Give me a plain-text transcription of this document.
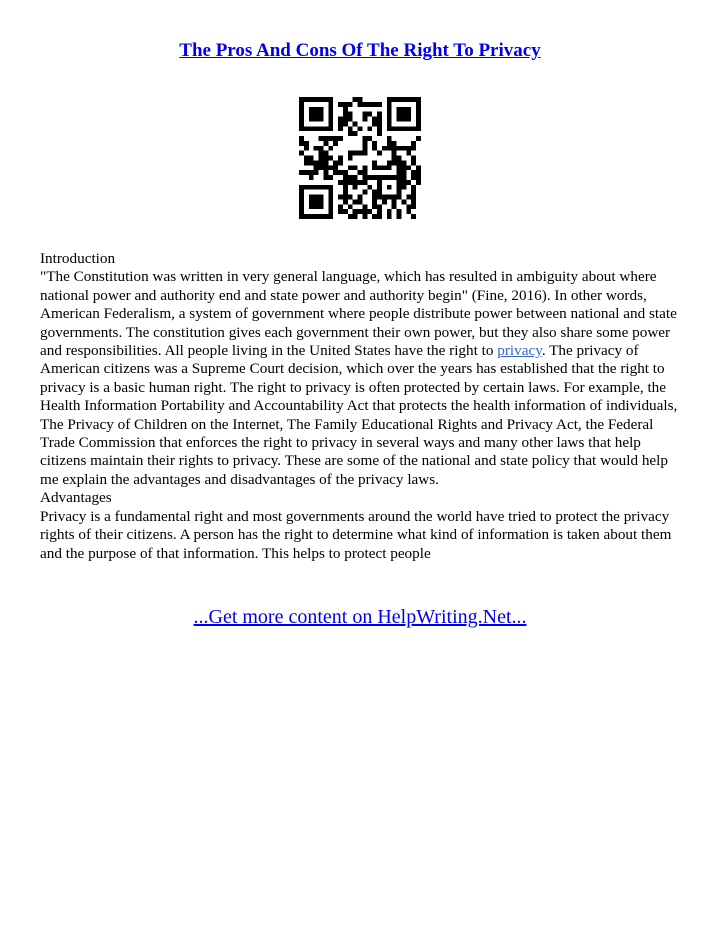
The Pros And Cons Of The Right To Privacy

Introduction

"The Constitution was written in very general language, which has resulted in ambiguity about where national power and authority end and state power and authority begin" (Fine, 2016). In other words, American Federalism, a system of government where people distribute power between national and state governments. The constitution gives each government their own power, but they also share some power and responsibilities. All people living in the United States have the right to privacy. The privacy of American citizens was a Supreme Court decision, which over the years has established that the right to privacy is a basic human right. The right to privacy is often protected by certain laws. For example, the Health Information Portability and Accountability Act that protects the health information of individuals, The Privacy of Children on the Internet, The Family Educational Rights and Privacy Act, the Federal Trade Commission that enforces the right to privacy in several ways and many other laws that help citizens maintain their rights to privacy. These are some of the national and state policy that would help me explain the advantages and disadvantages of the privacy laws.

Advantages

Privacy is a fundamental right and most governments around the world have tried to protect the privacy rights of their citizens. A person has the right to determine what kind of information is taken about them and the purpose of that information. This helps to protect people

...Get more content on HelpWriting.Net...
